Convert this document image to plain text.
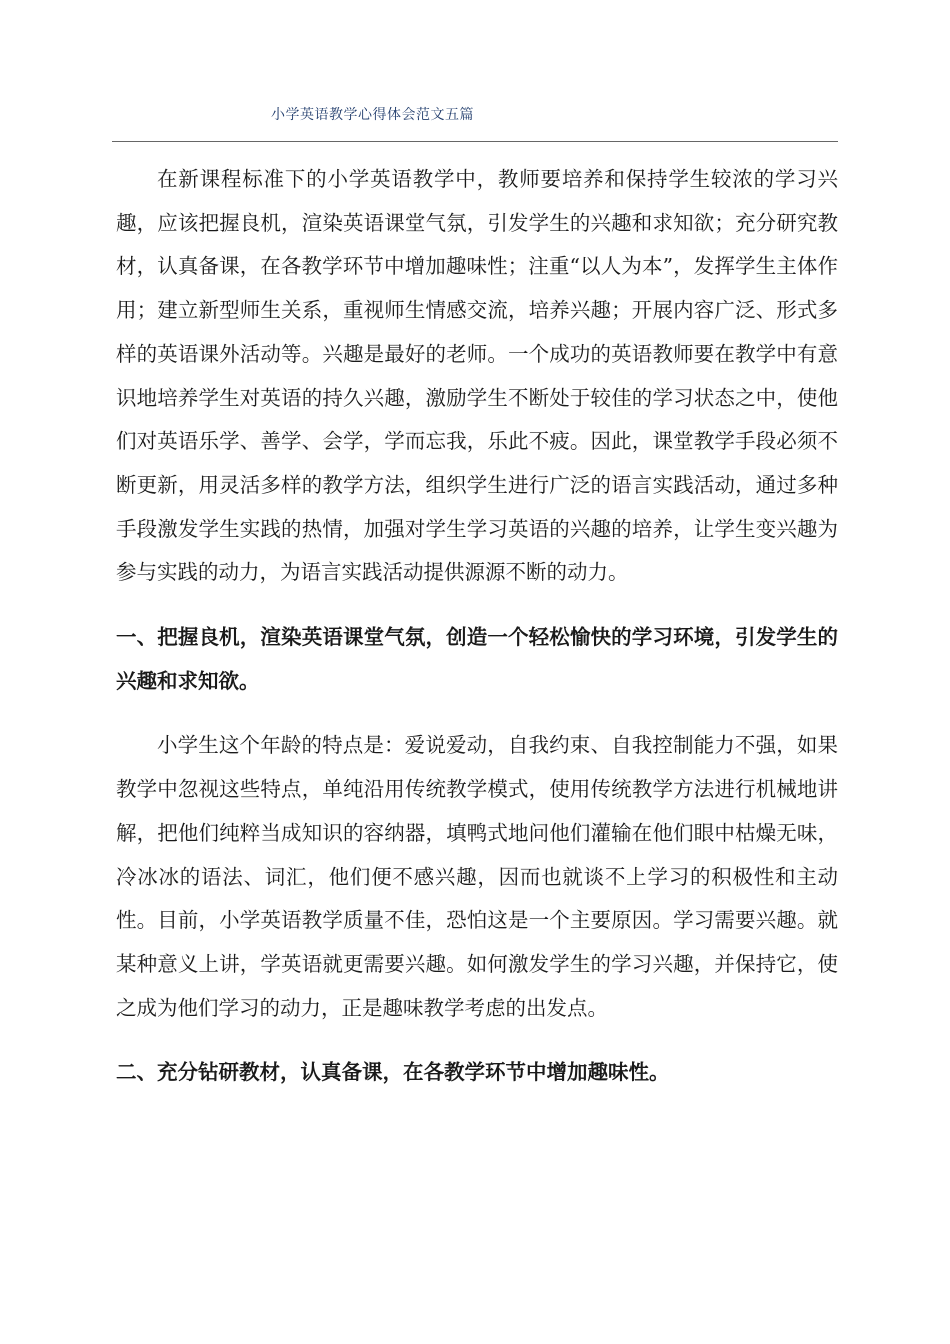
小学英语教学心得体会范文五篇

在新课程标准下的小学英语教学中，教师要培养和保持学生较浓的学习兴趣，应该把握良机，渲染英语课堂气氛，引发学生的兴趣和求知欲；充分研究教材，认真备课，在各教学环节中增加趣味性；注重“以人为本”，发挥学生主体作用；建立新型师生关系，重视师生情感交流，培养兴趣；开展内容广泛、形式多样的英语课外活动等。兴趣是最好的老师。一个成功的英语教师要在教学中有意识地培养学生对英语的持久兴趣，激励学生不断处于较佳的学习状态之中，使他们对英语乐学、善学、会学，学而忘我，乐此不疲。因此，课堂教学手段必须不断更新，用灵活多样的教学方法，组织学生进行广泛的语言实践活动，通过多种手段激发学生实践的热情，加强对学生学习英语的兴趣的培养，让学生变兴趣为参与实践的动力，为语言实践活动提供源源不断的动力。

一、把握良机，渲染英语课堂气氛，创造一个轻松愉快的学习环境，引发学生的兴趣和求知欲。

小学生这个年龄的特点是：爱说爱动，自我约束、自我控制能力不强，如果教学中忽视这些特点，单纯沿用传统教学模式，使用传统教学方法进行机械地讲解，把他们纯粹当成知识的容纳器，填鸭式地问他们灌输在他们眼中枯燥无味，冷冰冰的语法、词汇，他们便不感兴趣，因而也就谈不上学习的积极性和主动性。目前，小学英语教学质量不佳，恐怕这是一个主要原因。学习需要兴趣。就某种意义上讲，学英语就更需要兴趣。如何激发学生的学习兴趣，并保持它，使之成为他们学习的动力，正是趣味教学考虑的出发点。

二、充分钻研教材，认真备课，在各教学环节中增加趣味性。
